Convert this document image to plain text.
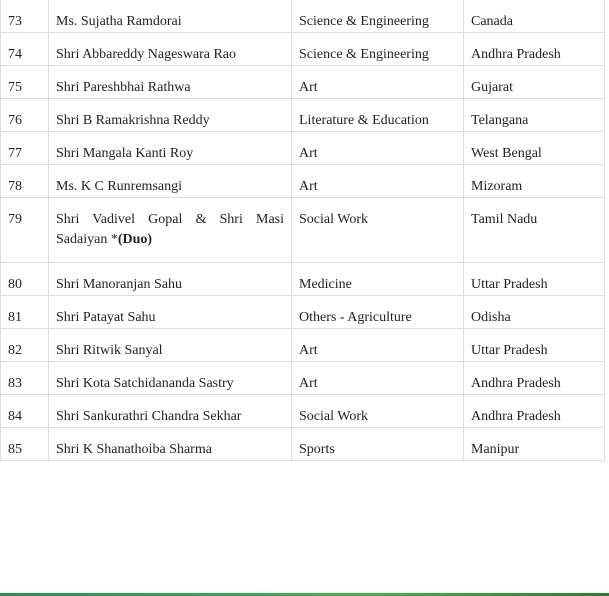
73	Ms. Sujatha Ramdorai	Science & Engineering	Canada
74	Shri Abbareddy Nageswara Rao	Science & Engineering	Andhra Pradesh
75	Shri Pareshbhai Rathwa	Art	Gujarat
76	Shri B Ramakrishna Reddy	Literature & Education	Telangana
77	Shri Mangala Kanti Roy	Art	West Bengal
78	Ms. K C Runremsangi	Art	Mizoram
79	Shri Vadivel Gopal & Shri Masi Sadaiyan *(Duo)	Social Work	Tamil Nadu
80	Shri Manoranjan Sahu	Medicine	Uttar Pradesh
81	Shri Patayat Sahu	Others - Agriculture	Odisha
82	Shri Ritwik Sanyal	Art	Uttar Pradesh
83	Shri Kota Satchidananda Sastry	Art	Andhra Pradesh
84	Shri Sankurathri Chandra Sekhar	Social Work	Andhra Pradesh
85	Shri K Shanathoiba Sharma	Sports	Manipur
